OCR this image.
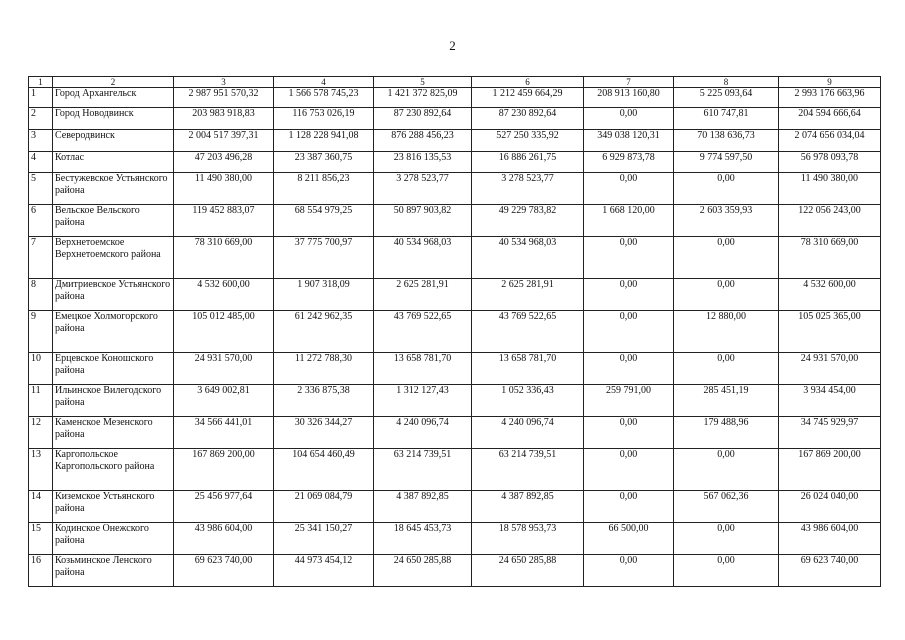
2
1	2	3	4	5	6	7	8	9
1	Город Архангельск	2 987 951 570,32	1 566 578 745,23	1 421 372 825,09	1 212 459 664,29	208 913 160,80	5 225 093,64	2 993 176 663,96
2	Город Новодвинск	203 983 918,83	116 753 026,19	87 230 892,64	87 230 892,64	0,00	610 747,81	204 594 666,64
3	Северодвинск	2 004 517 397,31	1 128 228 941,08	876 288 456,23	527 250 335,92	349 038 120,31	70 138 636,73	2 074 656 034,04
4	Котлас	47 203 496,28	23 387 360,75	23 816 135,53	16 886 261,75	6 929 873,78	9 774 597,50	56 978 093,78
5	Бестужевское Устьянского района	11 490 380,00	8 211 856,23	3 278 523,77	3 278 523,77	0,00	0,00	11 490 380,00
6	Вельское Вельского района	119 452 883,07	68 554 979,25	50 897 903,82	49 229 783,82	1 668 120,00	2 603 359,93	122 056 243,00
7	Верхнетоемское Верхнетоемского района	78 310 669,00	37 775 700,97	40 534 968,03	40 534 968,03	0,00	0,00	78 310 669,00
8	Дмитриевское Устьянского района	4 532 600,00	1 907 318,09	2 625 281,91	2 625 281,91	0,00	0,00	4 532 600,00
9	Емецкое Холмогорского района	105 012 485,00	61 242 962,35	43 769 522,65	43 769 522,65	0,00	12 880,00	105 025 365,00
10	Ерцевское Коношского района	24 931 570,00	11 272 788,30	13 658 781,70	13 658 781,70	0,00	0,00	24 931 570,00
11	Ильинское Вилегодского района	3 649 002,81	2 336 875,38	1 312 127,43	1 052 336,43	259 791,00	285 451,19	3 934 454,00
12	Каменское Мезенского района	34 566 441,01	30 326 344,27	4 240 096,74	4 240 096,74	0,00	179 488,96	34 745 929,97
13	Каргопольское Каргопольского района	167 869 200,00	104 654 460,49	63 214 739,51	63 214 739,51	0,00	0,00	167 869 200,00
14	Киземское Устьянского района	25 456 977,64	21 069 084,79	4 387 892,85	4 387 892,85	0,00	567 062,36	26 024 040,00
15	Кодинское Онежского района	43 986 604,00	25 341 150,27	18 645 453,73	18 578 953,73	66 500,00	0,00	43 986 604,00
16	Козьминское Ленского района	69 623 740,00	44 973 454,12	24 650 285,88	24 650 285,88	0,00	0,00	69 623 740,00
